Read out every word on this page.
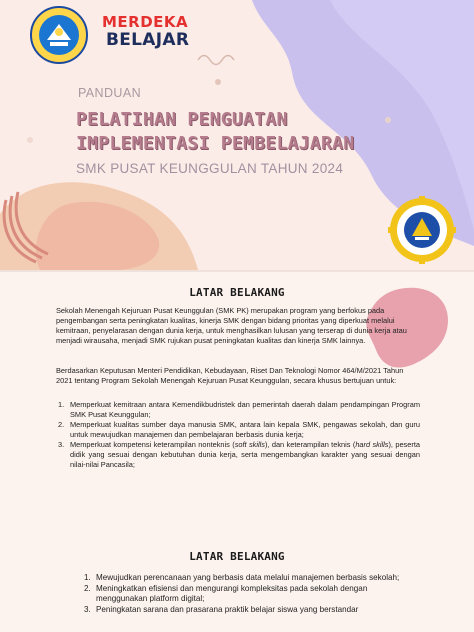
MERDEKA
BELAJAR
PANDUAN
PELATIHAN PENGUATAN
IMPLEMENTASI PEMBELAJARAN
SMK PUSAT KEUNGGULAN TAHUN 2024
LATAR BELAKANG

Sekolah Menengah Kejuruan Pusat Keunggulan (SMK PK) merupakan program yang berfokus pada pengembangan serta peningkatan kualitas, kinerja SMK dengan bidang prioritas yang diperkuat melalui kemitraan, penyelarasan dengan dunia kerja, untuk menghasilkan lulusan yang terserap di dunia kerja atau menjadi wirausaha, menjadi SMK rujukan pusat peningkatan kualitas dan kinerja SMK lainnya.

Berdasarkan Keputusan Menteri Pendidikan, Kebudayaan, Riset Dan Teknologi Nomor 464/M/2021 Tahun 2021 tentang Program Sekolah Menengah Kejuruan Pusat Keunggulan, secara khusus bertujuan untuk:

1. Memperkuat kemitraan antara Kemendikbudristek dan pemerintah daerah dalam pendampingan Program SMK Pusat Keunggulan;
2. Memperkuat kualitas sumber daya manusia SMK, antara lain kepala SMK, pengawas sekolah, dan guru untuk mewujudkan manajemen dan pembelajaran berbasis dunia kerja;
3. Memperkuat kompetensi keterampilan nonteknis (soft skills), dan keterampilan teknis (hard skills), peserta didik yang sesuai dengan kebutuhan dunia kerja, serta mengembangkan karakter yang sesuai dengan nilai-nilai Pancasila;
LATAR BELAKANG
1. Mewujudkan perencanaan yang berbasis data melalui manajemen berbasis sekolah;
2. Meningkatkan efisiensi dan mengurangi kompleksitas pada sekolah dengan menggunakan platform digital;
3. Peningkatan sarana dan prasarana praktik belajar siswa yang berstandar
